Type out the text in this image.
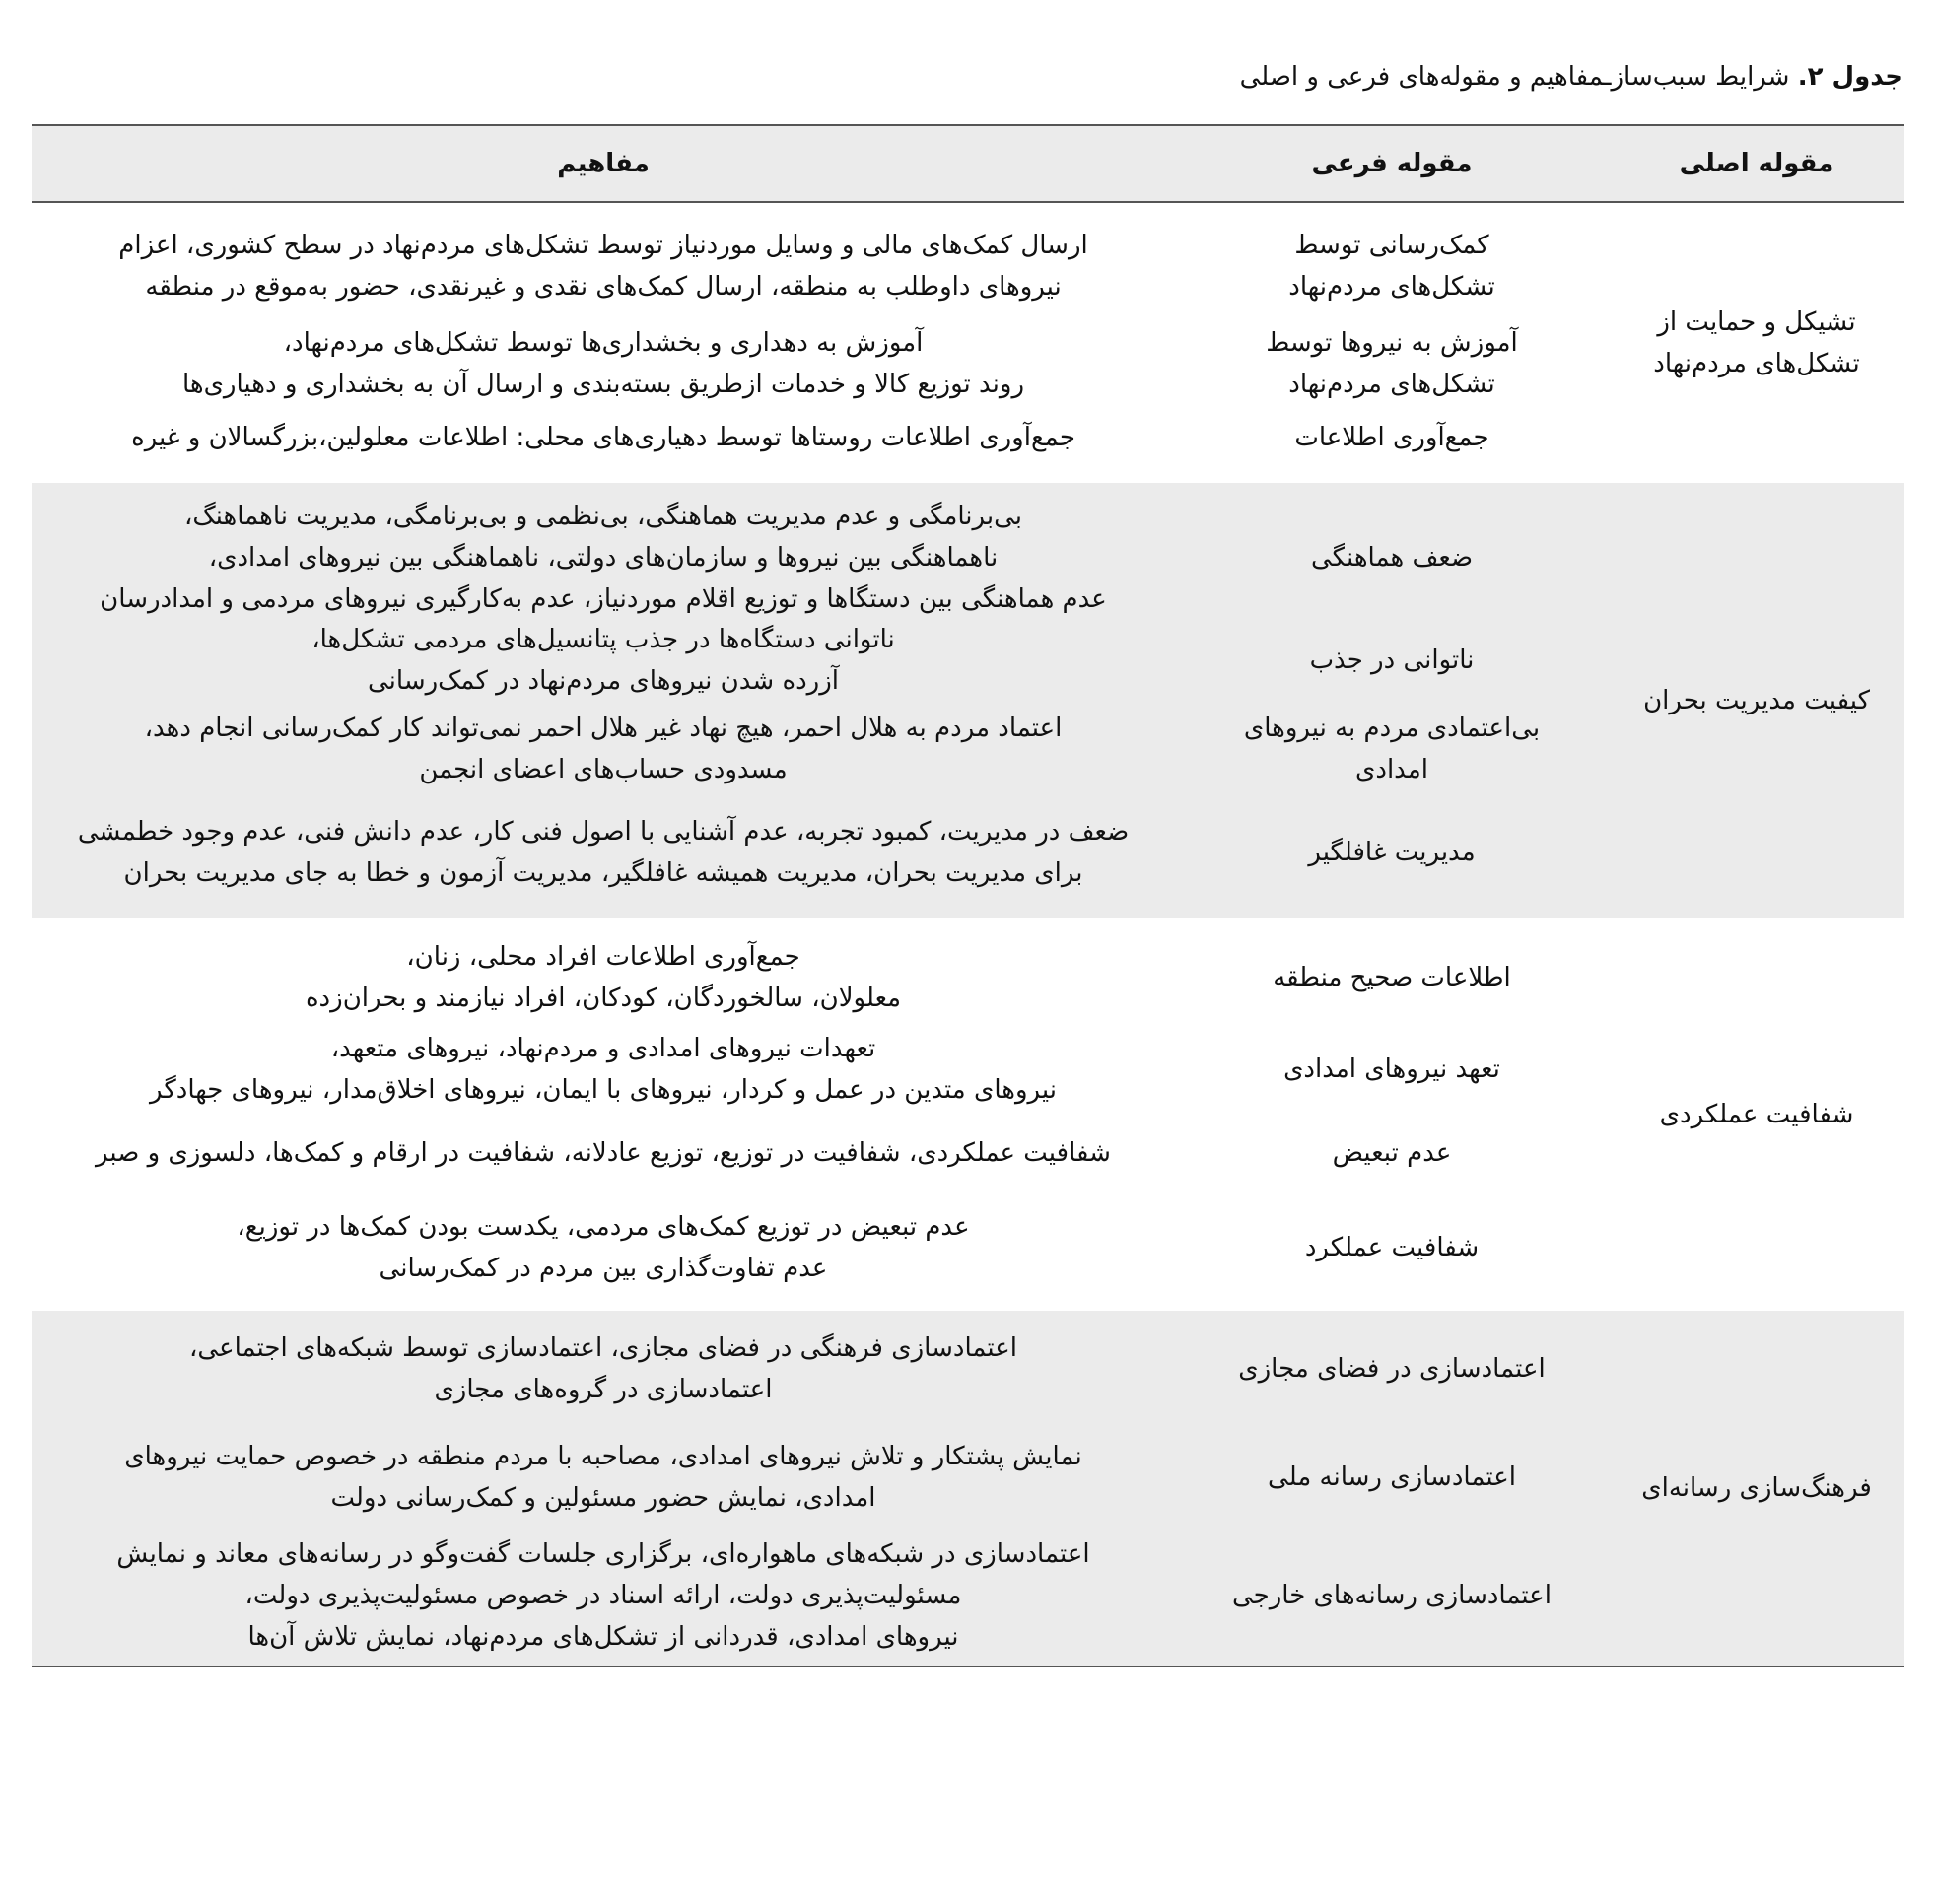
جدول ۲. شرایط سبب‌سازـمفاهیم و مقوله‌های فرعی و اصلی
مقوله اصلی
مقوله فرعی
مفاهیم
تشیکل و حمایت از
تشکل‌های مردم‌نهاد
کمک‌رسانی توسط
تشکل‌های مردم‌نهاد
ارسال کمک‌های مالی و وسایل موردنیاز توسط تشکل‌های مردم‌نهاد در سطح کشوری، اعزام
نیروهای داوطلب به منطقه، ارسال کمک‌های نقدی و غیرنقدی، حضور به‌موقع در منطقه
آموزش به نیروها توسط
تشکل‌های مردم‌نهاد
آموزش به دهداری و بخشداری‌ها توسط تشکل‌های مردم‌نهاد،
روند توزیع کالا و خدمات ازطریق بسته‌بندی و ارسال آن به بخشداری و دهیاری‌ها
جمع‌آوری اطلاعات
جمع‌آوری اطلاعات روستاها توسط دهیاری‌های محلی: اطلاعات معلولین،بزرگسالان و غیره
کیفیت مدیریت بحران
ضعف هماهنگی
بی‌برنامگی و عدم مدیریت هماهنگی، بی‌نظمی و بی‌برنامگی، مدیریت ناهماهنگ،
ناهماهنگی بین نیروها و سازمان‌های دولتی، ناهماهنگی بین نیروهای امدادی،
عدم هماهنگی بین دستگاها و توزیع اقلام موردنیاز، عدم به‌کارگیری نیروهای مردمی و امدادرسان
ناتوانی در جذب
ناتوانی دستگاه‌ها در جذب پتانسیل‌های مردمی تشکل‌ها،
آزرده شدن نیروهای مردم‌نهاد در کمک‌رسانی
بی‌اعتمادی مردم به نیروهای
امدادی
اعتماد مردم به هلال احمر، هیچ نهاد غیر هلال احمر نمی‌تواند کار کمک‌رسانی انجام دهد،
مسدودی حساب‌های اعضای انجمن
مدیریت غافلگیر
ضعف در مدیریت، کمبود تجربه، عدم آشنایی با اصول فنی کار، عدم دانش فنی، عدم وجود خطمشی
برای مدیریت بحران، مدیریت همیشه غافلگیر، مدیریت آزمون و خطا به جای مدیریت بحران
شفافیت عملکردی
اطلاعات صحیح منطقه
جمع‌آوری اطلاعات افراد محلی، زنان،
معلولان، سالخوردگان، کودکان، افراد نیازمند و بحران‌زده
تعهد نیروهای امدادی
تعهدات نیروهای امدادی و مردم‌نهاد، نیروهای متعهد،
نیروهای متدین در عمل و کردار، نیروهای با ایمان، نیروهای اخلاق‌مدار، نیروهای جهادگر
عدم تبعیض
شفافیت عملکردی، شفافیت در توزیع، توزیع عادلانه، شفافیت در ارقام و کمک‌ها، دلسوزی و صبر
شفافیت عملکرد
عدم تبعیض در توزیع کمک‌های مردمی، یکدست بودن کمک‌ها در توزیع،
عدم تفاوت‌گذاری بین مردم در کمک‌رسانی
فرهنگ‌سازی رسانه‌ای
اعتمادسازی در فضای مجازی
اعتمادسازی فرهنگی در فضای مجازی، اعتمادسازی توسط شبکه‌های اجتماعی،
اعتمادسازی در گروه‌های مجازی
اعتمادسازی رسانه ملی
نمایش پشتکار و تلاش نیروهای امدادی، مصاحبه با مردم منطقه در خصوص حمایت نیروهای
امدادی، نمایش حضور مسئولین و کمک‌رسانی دولت
اعتمادسازی رسانه‌های خارجی
اعتمادسازی در شبکه‌های ماهواره‌ای، برگزاری جلسات گفت‌وگو در رسانه‌های معاند و نمایش
مسئولیت‌پذیری دولت، ارائه اسناد در خصوص مسئولیت‌پذیری دولت،
نیروهای امدادی، قدردانی از تشکل‌های مردم‌نهاد، نمایش تلاش آن‌ها
